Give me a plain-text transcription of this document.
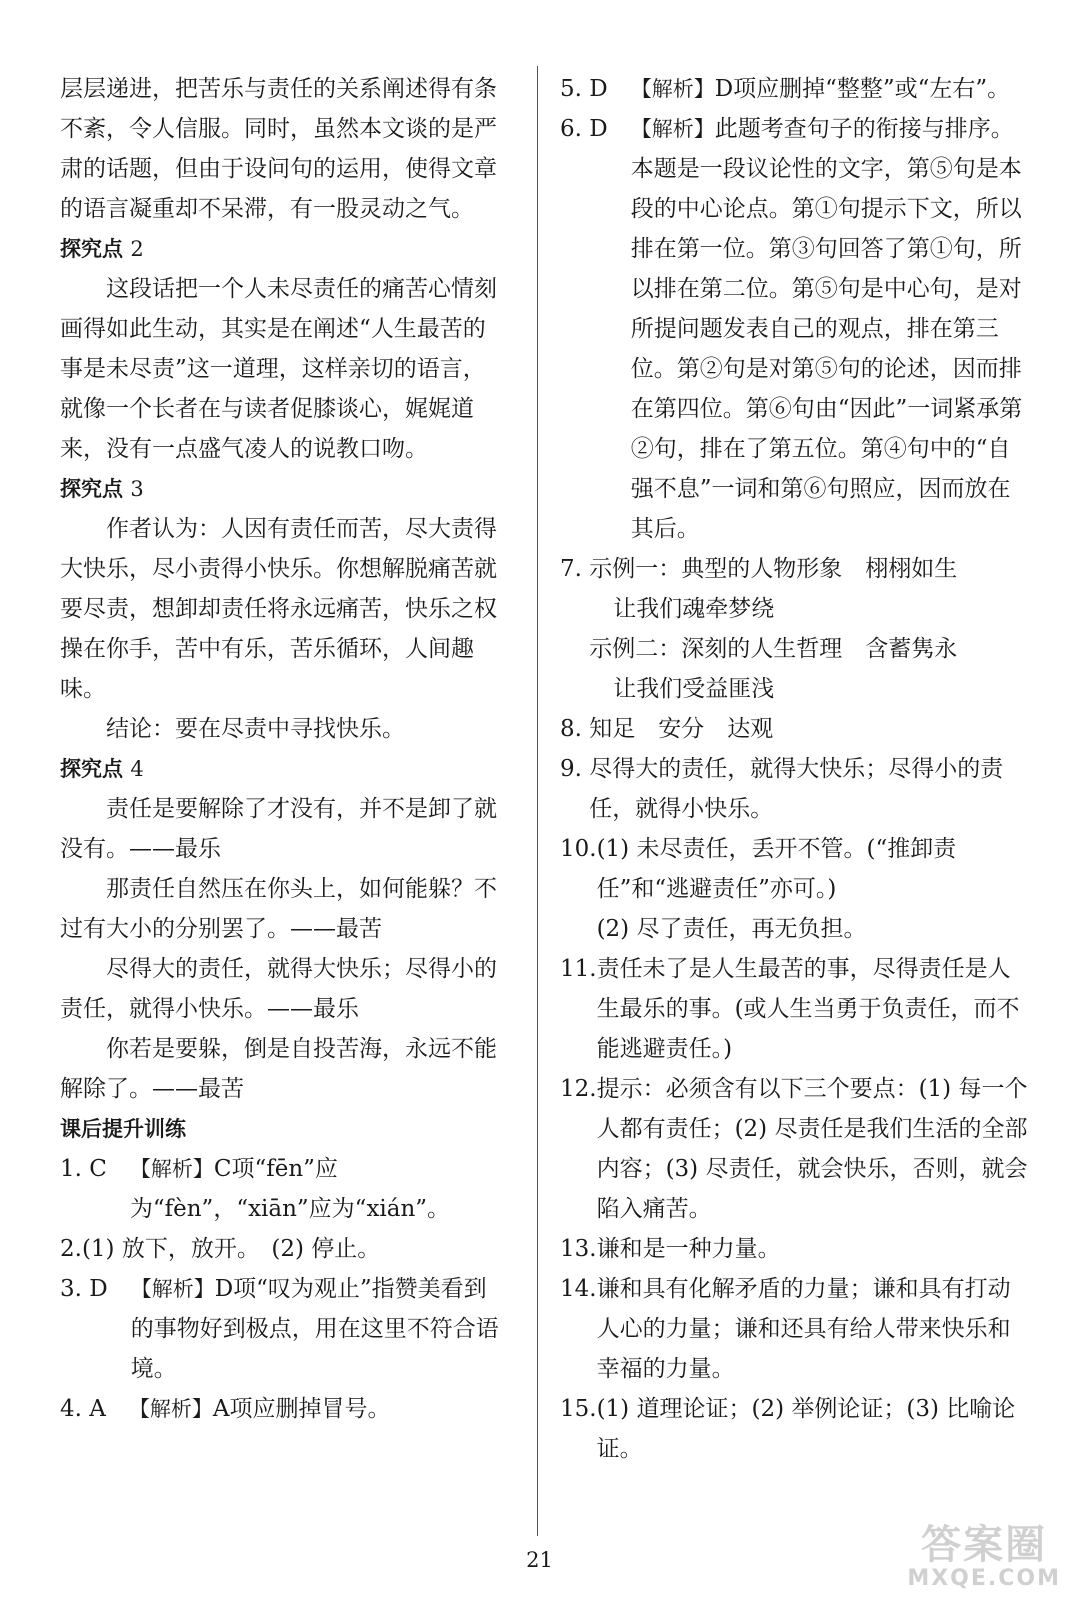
层层递进，把苦乐与责任的关系阐述得有条不紊，令人信服。同时，虽然本文谈的是严肃的话题，但由于设问句的运用，使得文章的语言凝重却不呆滞，有一股灵动之气。

探究点 2

这段话把一个人未尽责任的痛苦心情刻画得如此生动，其实是在阐述“人生最苦的事是未尽责”这一道理，这样亲切的语言，就像一个长者在与读者促膝谈心，娓娓道来，没有一点盛气凌人的说教口吻。

探究点 3

作者认为：人因有责任而苦，尽大责得大快乐，尽小责得小快乐。你想解脱痛苦就要尽责，想卸却责任将永远痛苦，快乐之权操在你手，苦中有乐，苦乐循环，人间趣味。

结论：要在尽责中寻找快乐。

探究点 4

责任是要解除了才没有，并不是卸了就没有。——最乐

那责任自然压在你头上，如何能躲？不过有大小的分别罢了。——最苦

尽得大的责任，就得大快乐；尽得小的责任，就得小快乐。——最乐

你若是要躲，倒是自投苦海，永远不能解除了。——最苦

课后提升训练

1. C
　 【解析】C项“fēn”应为“fèn”，“xiān”应为“xián”。
2. (1) 放下，放开。　(2) 停止。
3. D
　 【解析】D项“叹为观止”指赞美看到的事物好到极点，用在这里不符合语境。
4. A
　 【解析】A项应删掉冒号。
5. D
　 【解析】D项应删掉“整整”或“左右”。
6. D
　 【解析】此题考查句子的衔接与排序。本题是一段议论性的文字，第⑤句是本段的中心论点。第①句提示下文，所以排在第一位。第③句回答了第①句，所以排在第二位。第⑤句是中心句，是对所提问题发表自己的观点，排在第三位。第②句是对第⑤句的论述，因而排在第四位。第⑥句由“因此”一词紧承第②句，排在了第五位。第④句中的“自强不息”一词和第⑥句照应，因而放在其后。
7.
示例一：典型的人物形象　栩栩如生
让我们魂牵梦绕
示例二：深刻的人生哲理　含蓄隽永
让我们受益匪浅
8.
知足　安分　达观
9.
尽得大的责任，就得大快乐；尽得小的责任，就得小快乐。
10. (1) 未尽责任，丢开不管。(“推卸责任”和“逃避责任”亦可。)
(2) 尽了责任，再无负担。
11. 责任未了是人生最苦的事，尽得责任是人生最乐的事。(或人生当勇于负责任，而不能逃避责任。)
12. 提示：必须含有以下三个要点：(1) 每一个人都有责任；(2) 尽责任是我们生活的全部内容；(3) 尽责任，就会快乐，否则，就会陷入痛苦。
13. 谦和是一种力量。
14. 谦和具有化解矛盾的力量；谦和具有打动人心的力量；谦和还具有给人带来快乐和幸福的力量。
15. (1) 道理论证；(2) 举例论证；(3) 比喻论证。
21	答案圈
MXQE.COM
